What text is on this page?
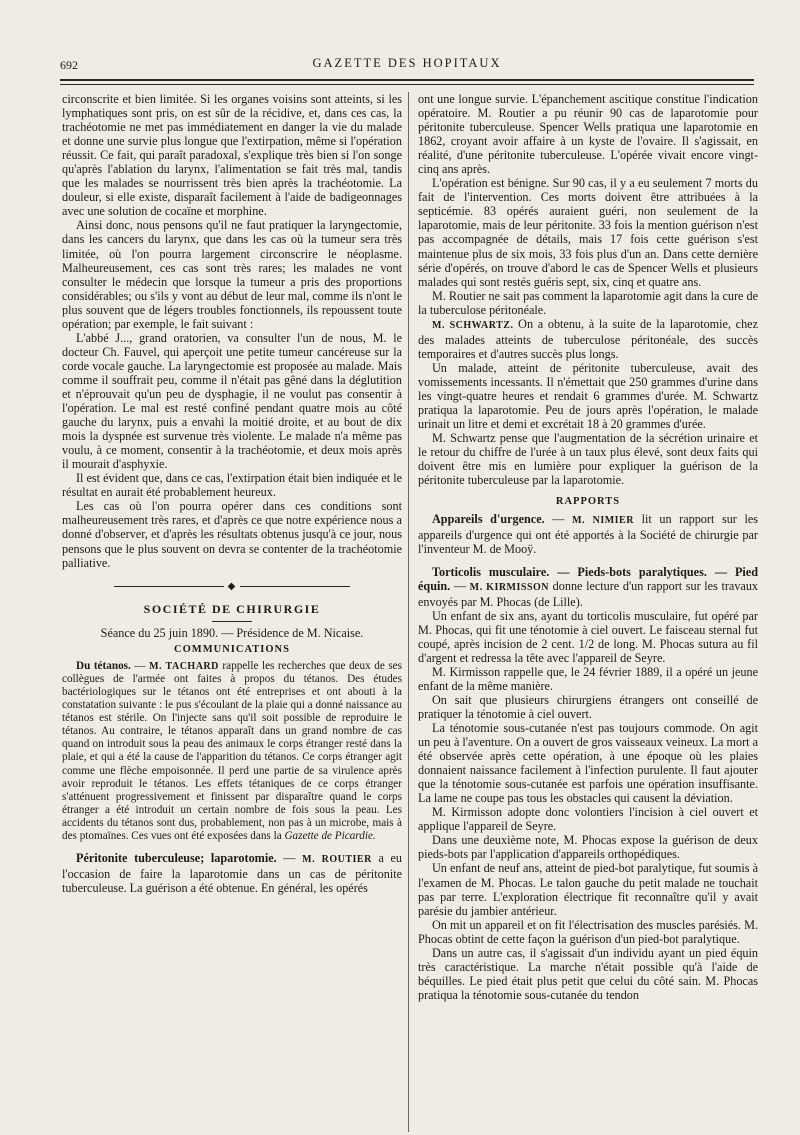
692	GAZETTE DES HOPITAUX

circonscrite et bien limitée. Si les organes voisins sont atteints, si les lymphatiques sont pris, on est sûr de la récidive, et, dans ces cas, la trachéotomie ne met pas immédiatement en danger la vie du malade et donne une survie plus longue que l'extirpation, même si l'opération réussit. Ce fait, qui paraît paradoxal, s'explique très bien si l'on songe qu'après l'ablation du larynx, l'alimentation se fait très mal, tandis que les malades se nourrissent très bien après la trachéotomie. La douleur, si elle existe, disparaît facilement à l'aide de badigeonnages avec une solution de cocaïne et morphine.

Ainsi donc, nous pensons qu'il ne faut pratiquer la laryngectomie, dans les cancers du larynx, que dans les cas où la tumeur sera très limitée, où l'on pourra largement circonscrire le néoplasme. Malheureusement, ces cas sont très rares; les malades ne vont consulter le médecin que lorsque la tumeur a pris des proportions considérables; ou s'ils y vont au début de leur mal, comme ils n'ont le plus souvent que de légers troubles fonctionnels, ils repoussent toute opération; par exemple, le fait suivant :

L'abbé J..., grand oratorien, va consulter l'un de nous, M. le docteur Ch. Fauvel, qui aperçoit une petite tumeur cancéreuse sur la corde vocale gauche. La laryngectomie est proposée au malade. Mais comme il souffrait peu, comme il n'était pas gêné dans la déglutition et n'éprouvait qu'un peu de dysphagie, il ne voulut pas consentir à l'opération. Le mal est resté confiné pendant quatre mois au côté gauche du larynx, puis a envahi la moitié droite, et au bout de dix mois la dyspnée est survenue très violente. Le malade n'a même pas voulu, à ce moment, consentir à la trachéotomie, et deux mois après il mourait d'asphyxie.

Il est évident que, dans ce cas, l'extirpation était bien indiquée et le résultat en aurait été probablement heureux.

Les cas où l'on pourra opérer dans ces conditions sont malheureusement très rares, et d'après ce que notre expérience nous a donné d'observer, et d'après les résultats obtenus jusqu'à ce jour, nous pensons que le plus souvent on devra se contenter de la trachéotomie palliative.

◆
SOCIÉTÉ DE CHIRURGIE

Séance du 25 juin 1890. — Présidence de M. Nicaise.

COMMUNICATIONS

Du tétanos. — M. TACHARD rappelle les recherches que deux de ses collègues de l'armée ont faites à propos du tétanos. Des études bactériologiques sur le tétanos ont été entreprises et ont abouti à la constatation suivante : le pus s'écoulant de la plaie qui a donné naissance au tétanos est stérile. On l'injecte sans qu'il soit possible de reproduire le tétanos. Au contraire, le tétanos apparaît dans un grand nombre de cas quand on introduit sous la peau des animaux le corps étranger resté dans la plaie, et qui a été la cause de l'apparition du tétanos. Ce corps étranger agit comme une flèche empoisonnée. Il perd une partie de sa virulence après avoir reproduit le tétanos. Les effets tétaniques de ce corps étranger s'atténuent progressivement et finissent par disparaître quand le corps étranger a été introduit un certain nombre de fois sous la peau. Les accidents du tétanos sont dus, probablement, non pas à un microbe, mais à des ptomaïnes. Ces vues ont été exposées dans la Gazette de Picardie.

Péritonite tuberculeuse; laparotomie. — M. ROUTIER a eu l'occasion de faire la laparotomie dans un cas de péritonite tuberculeuse. La guérison a été obtenue. En général, les opérés

ont une longue survie. L'épanchement ascitique constitue l'indication opératoire. M. Routier a pu réunir 90 cas de laparotomie pour péritonite tuberculeuse. Spencer Wells pratiqua une laparotomie en 1862, croyant avoir affaire à un kyste de l'ovaire. Il s'agissait, en réalité, d'une péritonite tuberculeuse. L'opérée vivait encore vingt-cinq ans après.

L'opération est bénigne. Sur 90 cas, il y a eu seulement 7 morts du fait de l'intervention. Ces morts doivent être attribuées à la septicémie. 83 opérés auraient guéri, non seulement de la laparotomie, mais de leur péritonite. 33 fois la mention guérison n'est pas accompagnée de détails, mais 17 fois cette guérison s'est maintenue plus de six mois, 33 fois plus d'un an. Dans cette dernière série d'opérés, on trouve d'abord le cas de Spencer Wells et plusieurs malades qui sont restés guéris sept, six, cinq et quatre ans.

M. Routier ne sait pas comment la laparotomie agit dans la cure de la tuberculose péritonéale.

M. SCHWARTZ. On a obtenu, à la suite de la laparotomie, chez des malades atteints de tuberculose péritonéale, des succès temporaires et d'autres succès plus longs.

Un malade, atteint de péritonite tuberculeuse, avait des vomissements incessants. Il n'émettait que 250 grammes d'urine dans les vingt-quatre heures et rendait 6 grammes d'urée. M. Schwartz pratiqua la laparotomie. Peu de jours après l'opération, le malade urinait un litre et demi et excrétait 18 à 20 grammes d'urée.

M. Schwartz pense que l'augmentation de la sécrétion urinaire et le retour du chiffre de l'urée à un taux plus élevé, sont deux faits qui doivent être mis en lumière pour expliquer la guérison de la péritonite tuberculeuse par la laparotomie.

RAPPORTS

Appareils d'urgence. — M. NIMIER lit un rapport sur les appareils d'urgence qui ont été apportés à la Société de chirurgie par l'inventeur M. de Mooÿ.

Torticolis musculaire. — Pieds-bots paralytiques. — Pied équin. — M. KIRMISSON donne lecture d'un rapport sur les travaux envoyés par M. Phocas (de Lille).

Un enfant de six ans, ayant du torticolis musculaire, fut opéré par M. Phocas, qui fit une ténotomie à ciel ouvert. Le faisceau sternal fut coupé, après incision de 2 cent. 1/2 de long. M. Phocas sutura au fil d'argent et redressa la tête avec l'appareil de Seyre.

M. Kirmisson rappelle que, le 24 février 1889, il a opéré un jeune enfant de la même manière.

On sait que plusieurs chirurgiens étrangers ont conseillé de pratiquer la ténotomie à ciel ouvert.

La ténotomie sous-cutanée n'est pas toujours commode. On agit un peu à l'aventure. On a ouvert de gros vaisseaux veineux. La mort a été observée après cette opération, à une époque où les plaies donnaient naissance facilement à l'infection purulente. Il faut ajouter que la ténotomie sous-cutanée est parfois une opération insuffisante. La lame ne coupe pas tous les obstacles qui causent la déviation.

M. Kirmisson adopte donc volontiers l'incision à ciel ouvert et applique l'appareil de Seyre.

Dans une deuxième note, M. Phocas expose la guérison de deux pieds-bots par l'application d'appareils orthopédiques.

Un enfant de neuf ans, atteint de pied-bot paralytique, fut soumis à l'examen de M. Phocas. Le talon gauche du petit malade ne touchait pas par terre. L'exploration électrique fit reconnaître qu'il y avait parésie du jambier antérieur.

On mit un appareil et on fit l'électrisation des muscles parésiés. M. Phocas obtint de cette façon la guérison d'un pied-bot paralytique.

Dans un autre cas, il s'agissait d'un individu ayant un pied équin très caractéristique. La marche n'était possible qu'à l'aide de béquilles. Le pied était plus petit que celui du côté sain. M. Phocas pratiqua la ténotomie sous-cutanée du tendon
